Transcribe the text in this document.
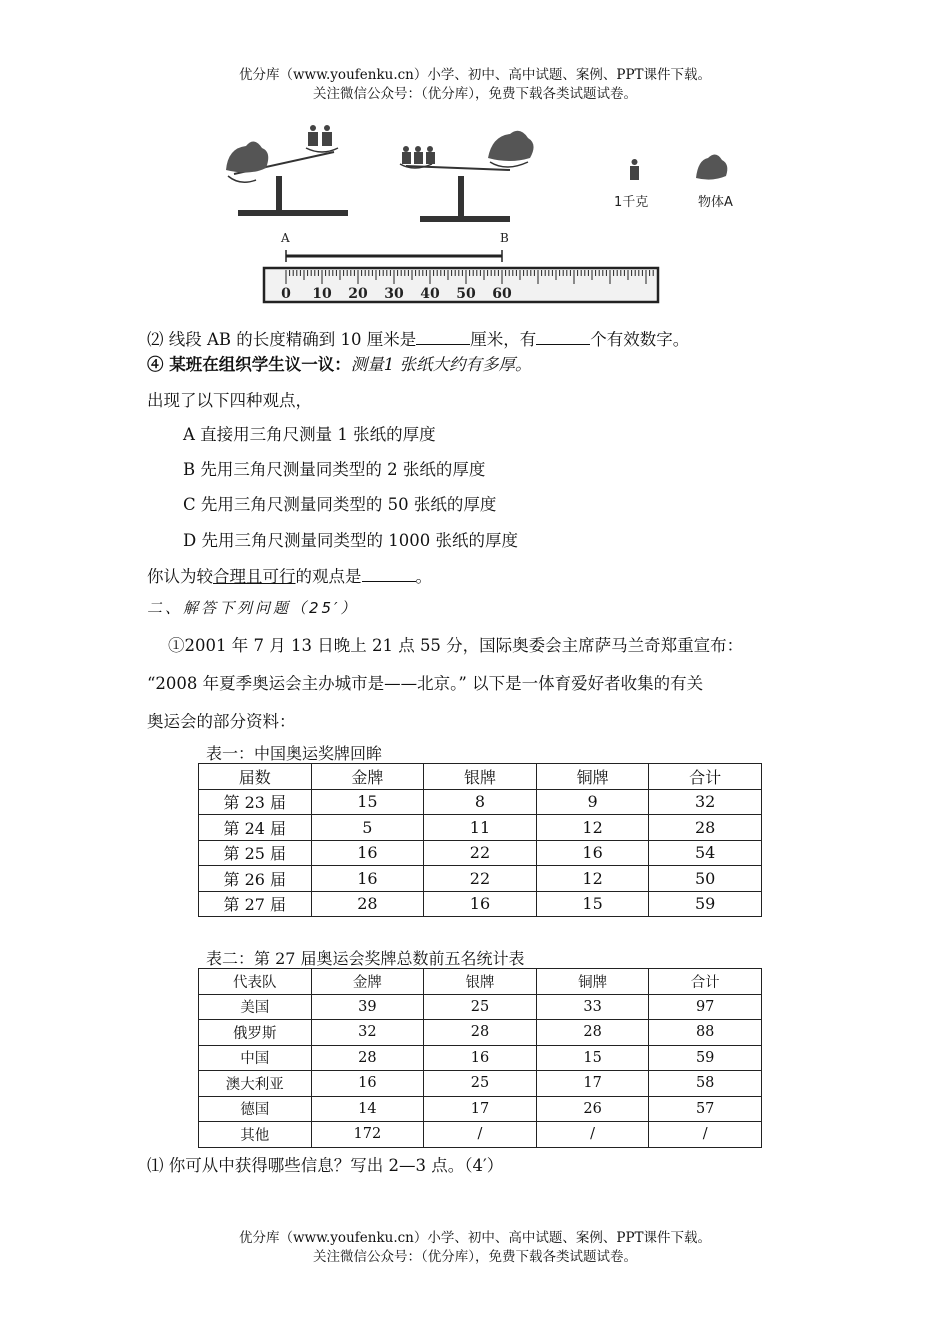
优分库（www.youfenku.cn）小学、初中、高中试题、案例、PPT课件下载。
关注微信公众号：（优分库），免费下载各类试题试卷。
1千克	物体A
A	B
0 10 20 30 40 50 60
⑵ 线段 AB 的长度精确到 10 厘米是	厘米，有	个有效数字。
④ 某班在组织学生议一议：测量1 张纸大约有多厚。
出现了以下四种观点，
A 直接用三角尺测量 1 张纸的厚度
B 先用三角尺测量同类型的 2 张纸的厚度
C 先用三角尺测量同类型的 50 张纸的厚度
D 先用三角尺测量同类型的 1000 张纸的厚度
你认为较合理且可行的观点是	。
二、解答下列问题（25′）
①2001 年 7 月 13 日晚上 21 点 55 分，国际奥委会主席萨马兰奇郑重宣布：
“2008 年夏季奥运会主办城市是——北京。” 以下是一体育爱好者收集的有关
奥运会的部分资料：
表一：中国奥运奖牌回眸
届数	金牌	银牌	铜牌	合计
第 23 届	15	8	9	32
第 24 届	5	11	12	28
第 25 届	16	22	16	54
第 26 届	16	22	12	50
第 27 届	28	16	15	59
表二：第 27 届奥运会奖牌总数前五名统计表
代表队	金牌	银牌	铜牌	合计
美国	39	25	33	97
俄罗斯	32	28	28	88
中国	28	16	15	59
澳大利亚	16	25	17	58
德国	14	17	26	57
其他	172	/	/	/
⑴ 你可从中获得哪些信息？写出 2—3 点。（4′）
优分库（www.youfenku.cn）小学、初中、高中试题、案例、PPT课件下载。
关注微信公众号：（优分库），免费下载各类试题试卷。
